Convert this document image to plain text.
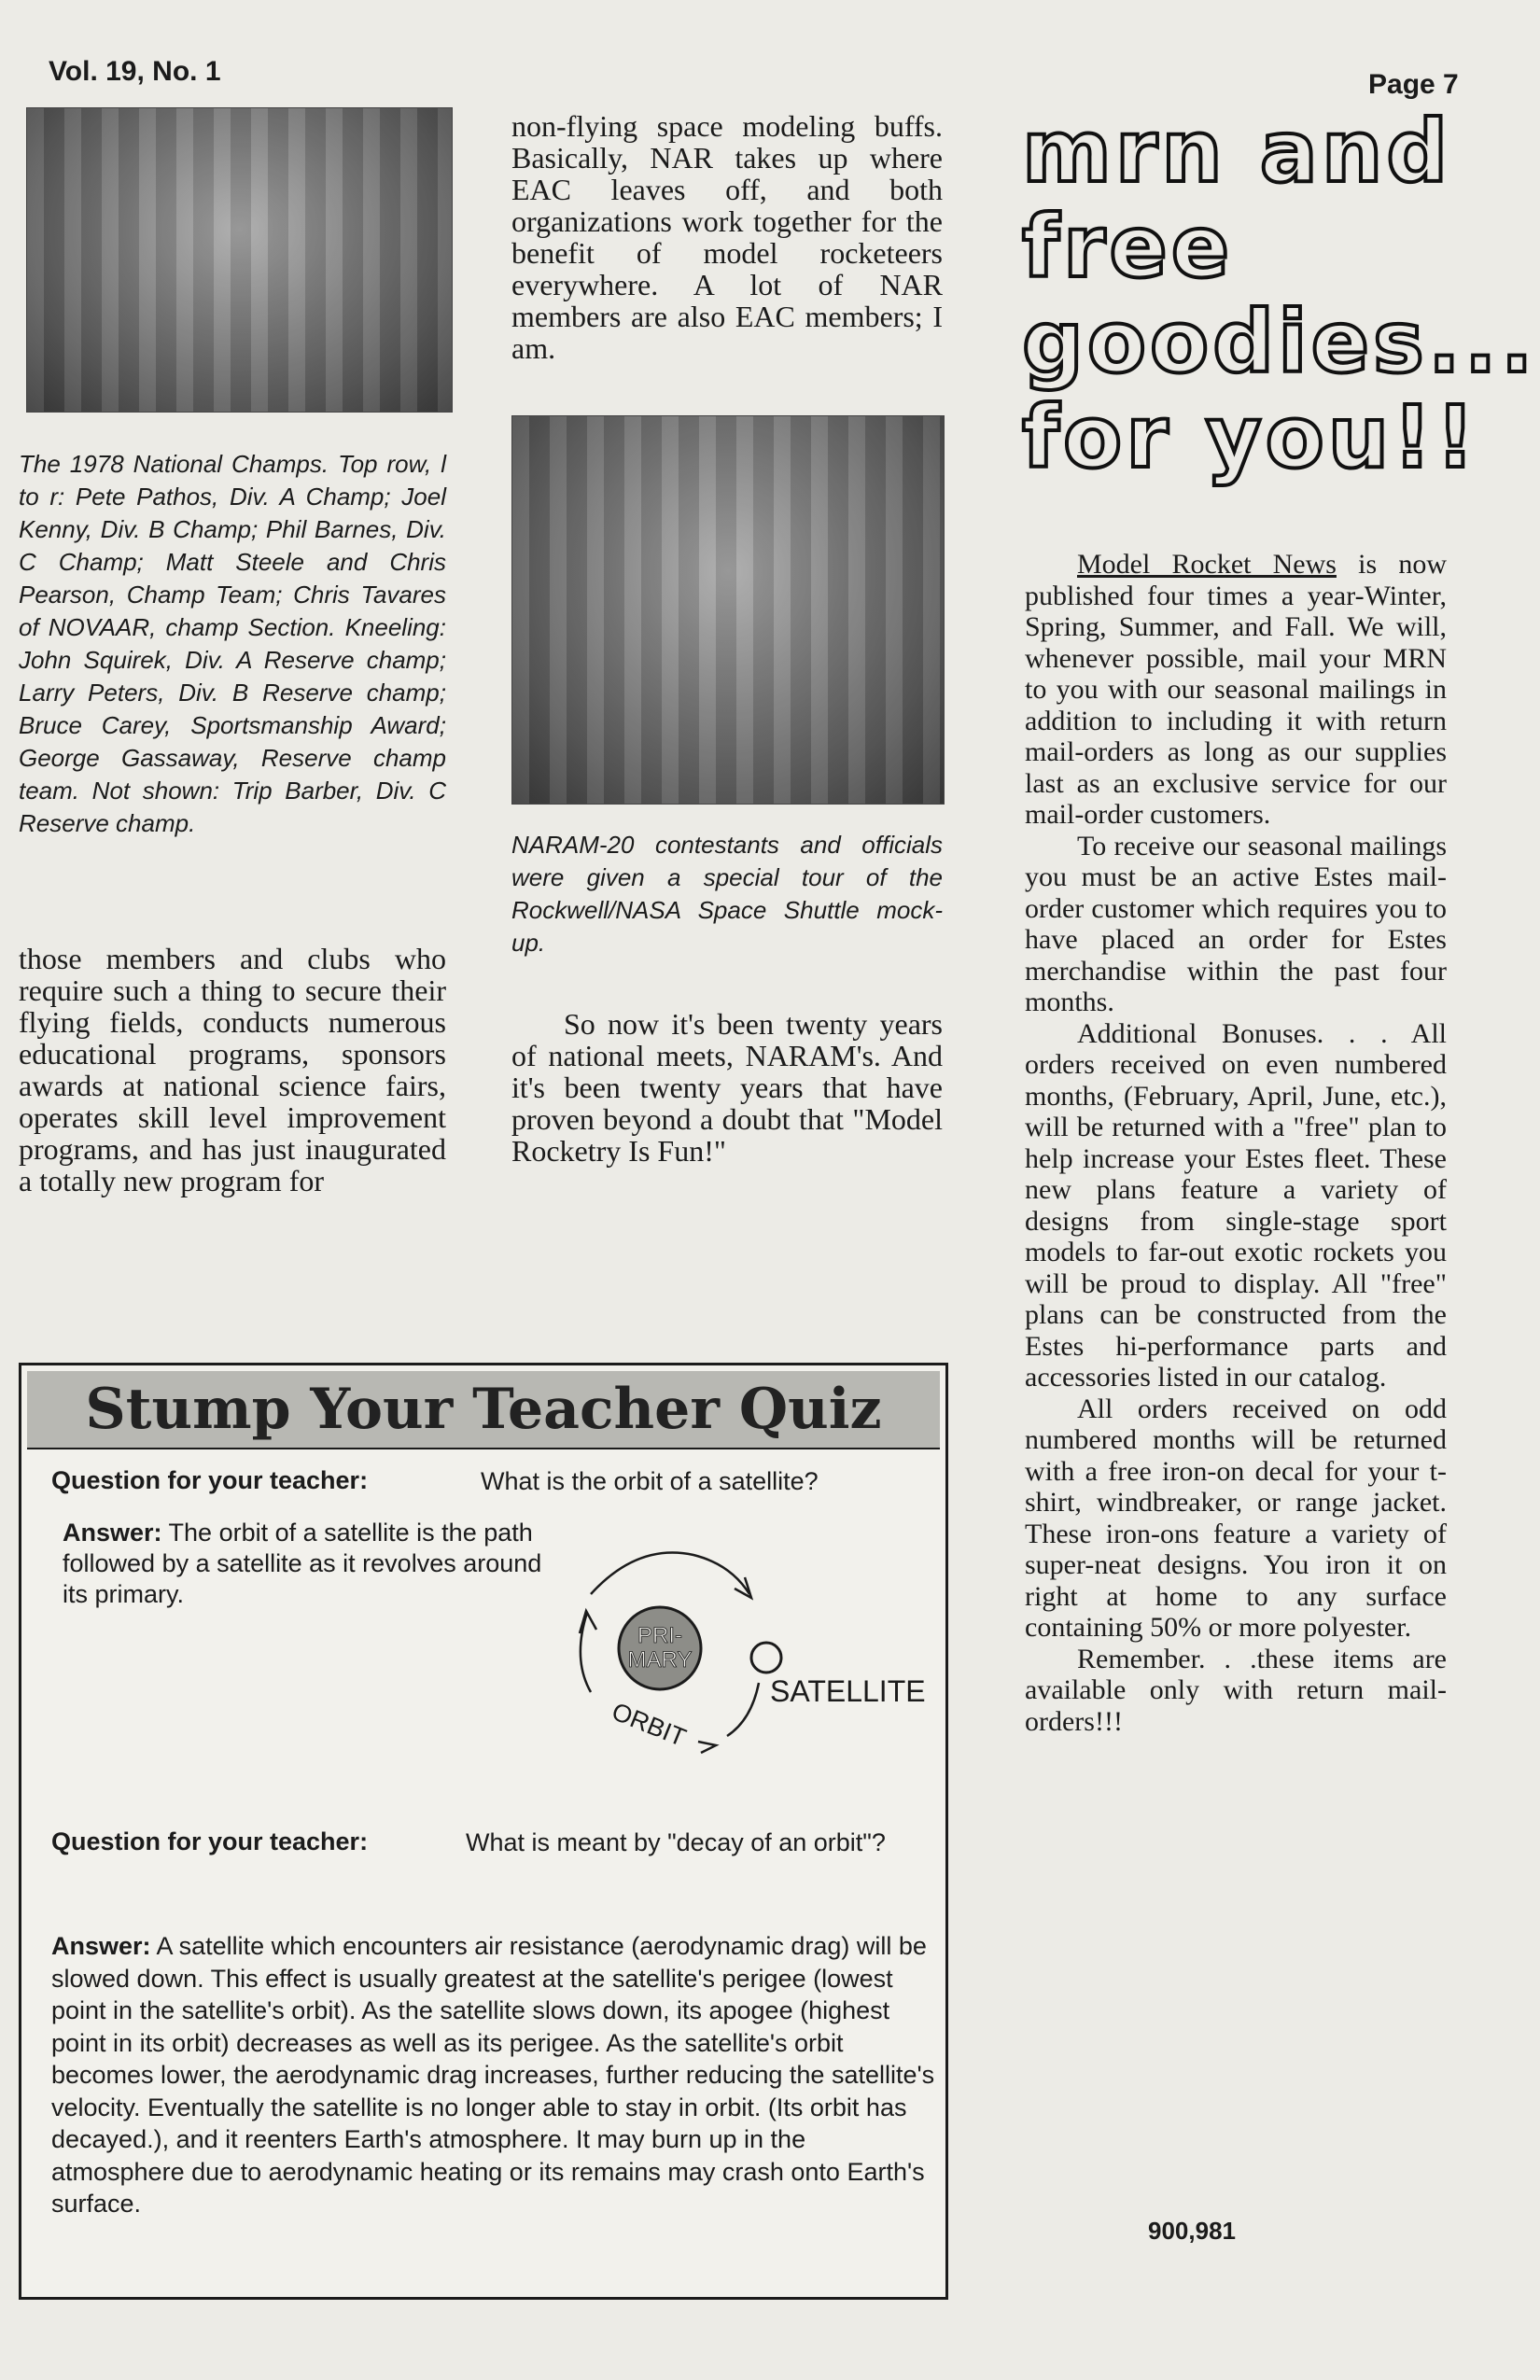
Vol. 19, No. 1	Page 7

The 1978 National Champs. Top row, l to r: Pete Pathos, Div. A Champ; Joel Kenny, Div. B Champ; Phil Barnes, Div. C Champ; Matt Steele and Chris Pearson, Champ Team; Chris Tavares of NOVAAR, champ Section. Kneeling: John Squirek, Div. A Reserve champ; Larry Peters, Div. B Reserve champ; Bruce Carey, Sportsmanship Award; George Gassaway, Reserve champ team. Not shown: Trip Barber, Div. C Reserve champ.

those members and clubs who require such a thing to secure their flying fields, conducts numerous educational programs, sponsors awards at national science fairs, operates skill level improvement programs, and has just inaugurated a totally new program for

non-flying space modeling buffs. Basically, NAR takes up where EAC leaves off, and both organizations work together for the benefit of model rocketeers everywhere. A lot of NAR members are also EAC members; I am.

NARAM-20 contestants and officials were given a special tour of the Rockwell/NASA Space Shuttle mock-up.

So now it's been twenty years of national meets, NARAM's. And it's been twenty years that have proven beyond a doubt that "Model Rocketry Is Fun!"

mrn and

free

goodies...

for you!!

Model Rocket News is now published four times a year-Winter, Spring, Summer, and Fall. We will, whenever possible, mail your MRN to you with our seasonal mailings in addition to including it with return mail-orders as long as our supplies last as an exclusive service for our mail-order customers.

To receive our seasonal mailings you must be an active Estes mail-order customer which requires you to have placed an order for Estes merchandise within the past four months.

Additional Bonuses. . . All orders received on even numbered months, (February, April, June, etc.), will be returned with a "free" plan to help increase your Estes fleet. These new plans feature a variety of designs from single-stage sport models to far-out exotic rockets you will be proud to display. All "free" plans can be constructed from the Estes hi-performance parts and accessories listed in our catalog.

All orders received on odd numbered months will be returned with a free iron-on decal for your t-shirt, windbreaker, or range jacket. These iron-ons feature a variety of super-neat designs. You iron it on right at home to any surface containing 50% or more polyester.

Remember. . .these items are available only with return mail-orders!!!

900,981
Stump Your Teacher Quiz
Question for your teacher:	What is the orbit of a satellite?

Answer: The orbit of a satellite is the path followed by a satellite as it revolves around its primary.

PRI-
MARY
SATELLITE
ORBIT
Question for your teacher:	What is meant by "decay of an orbit"?

Answer: A satellite which encounters air resistance (aerodynamic drag) will be slowed down. This effect is usually greatest at the satellite's perigee (lowest point in the satellite's orbit). As the satellite slows down, its apogee (highest point in its orbit) decreases as well as its perigee. As the satellite's orbit becomes lower, the aerodynamic drag increases, further reducing the satellite's velocity. Eventually the satellite is no longer able to stay in orbit. (Its orbit has decayed.), and it reenters Earth's atmosphere. It may burn up in the atmosphere due to aerodynamic heating or its remains may crash onto Earth's surface.
